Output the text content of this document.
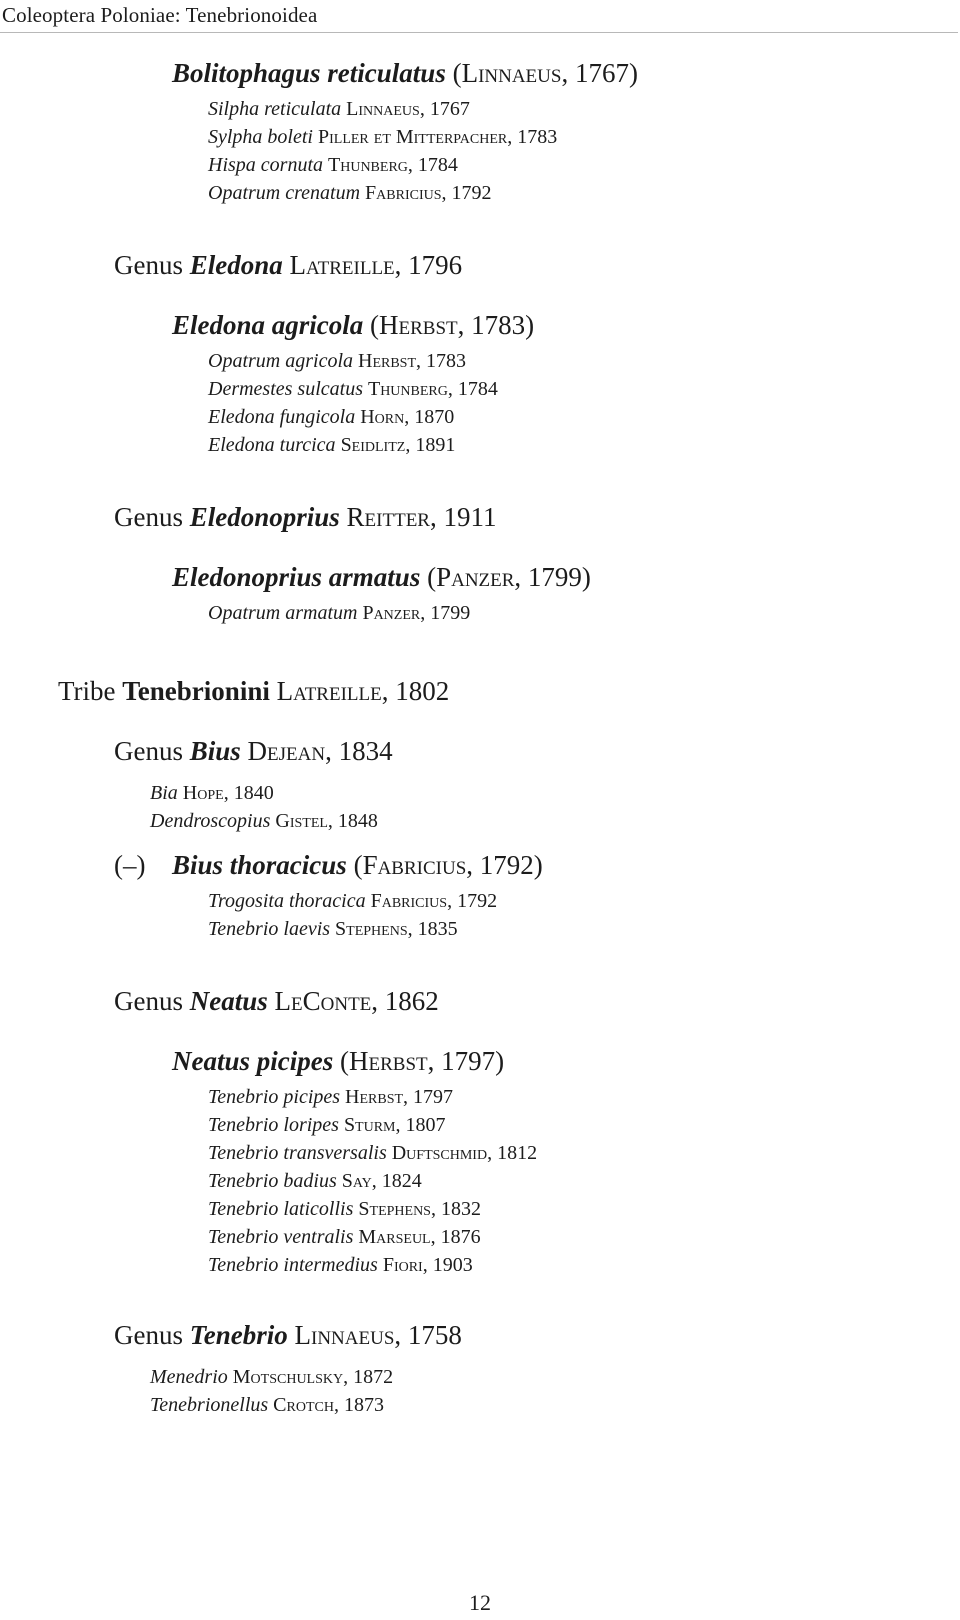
Coleoptera Poloniae: Tenebrionoidea
Bolitophagus reticulatus (Linnaeus, 1767)
Silpha reticulata Linnaeus, 1767
Sylpha boleti Piller et Mitterpacher, 1783
Hispa cornuta Thunberg, 1784
Opatrum crenatum Fabricius, 1792
Genus Eledona Latreille, 1796
Eledona agricola (Herbst, 1783)
Opatrum agricola Herbst, 1783
Dermestes sulcatus Thunberg, 1784
Eledona fungicola Horn, 1870
Eledona turcica Seidlitz, 1891
Genus Eledonoprius Reitter, 1911
Eledonoprius armatus (Panzer, 1799)
Opatrum armatum Panzer, 1799
Tribe Tenebrionini Latreille, 1802
Genus Bius Dejean, 1834
Bia Hope, 1840
Dendroscopius Gistel, 1848
(–) Bius thoracicus (Fabricius, 1792)
Trogosita thoracica Fabricius, 1792
Tenebrio laevis Stephens, 1835
Genus Neatus LeConte, 1862
Neatus picipes (Herbst, 1797)
Tenebrio picipes Herbst, 1797
Tenebrio loripes Sturm, 1807
Tenebrio transversalis Duftschmid, 1812
Tenebrio badius Say, 1824
Tenebrio laticollis Stephens, 1832
Tenebrio ventralis Marseul, 1876
Tenebrio intermedius Fiori, 1903
Genus Tenebrio Linnaeus, 1758
Menedrio Motschulsky, 1872
Tenebrionellus Crotch, 1873
12
